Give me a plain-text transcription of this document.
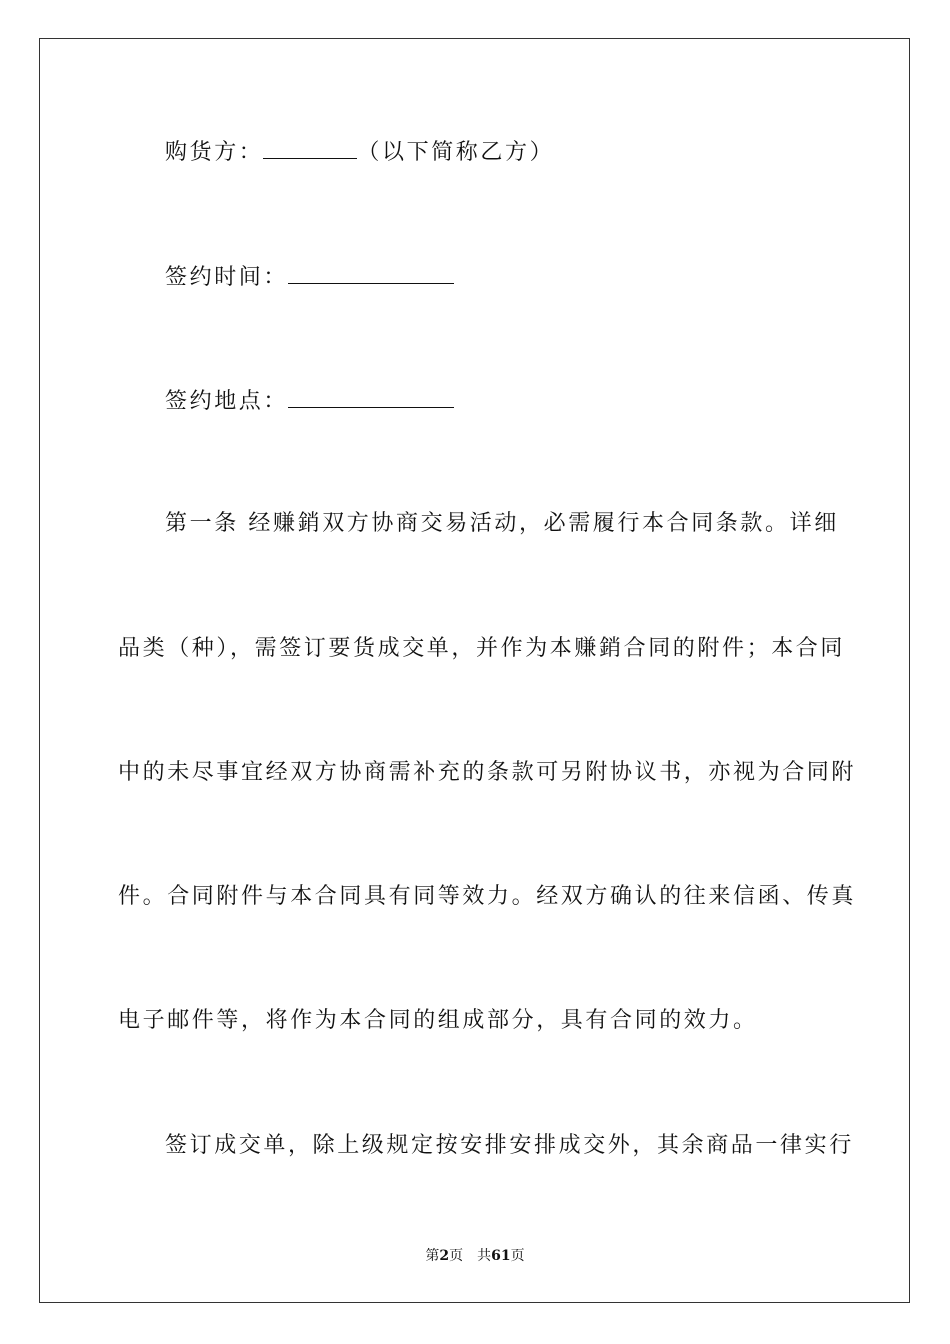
购货方：	（以下简称乙方）
签约时间：
签约地点：
第一条 经赚銷双方协商交易活动，必需履行本合同条款。详细
品类（种），需签订要货成交单，并作为本赚銷合同的附件；本合同
中的未尽事宜经双方协商需补充的条款可另附协议书，亦视为合同附
件。合同附件与本合同具有同等效力。经双方确认的往来信函、传真
电子邮件等，将作为本合同的组成部分，具有合同的效力。
签订成交单，除上级规定按安排安排成交外，其余商品一律实行
第2页 共61页
